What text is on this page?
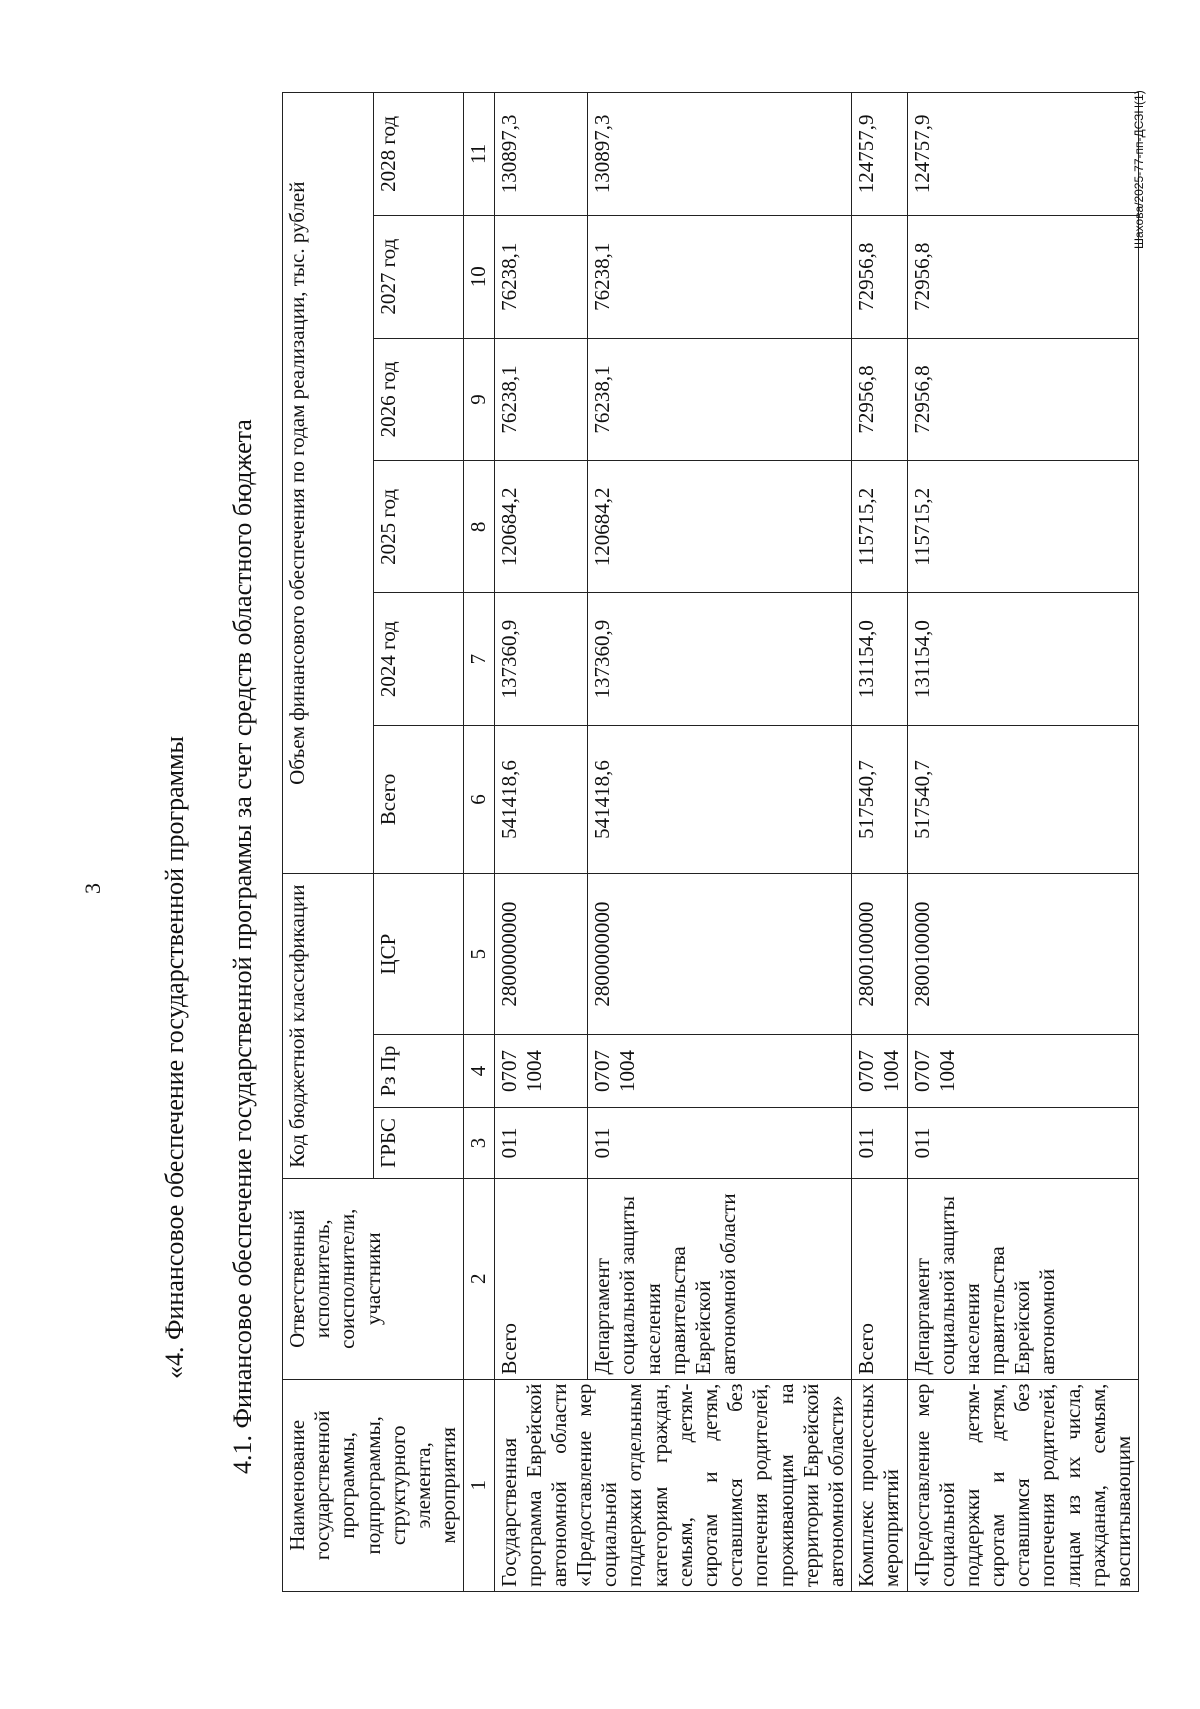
3 «4. Финансовое обеспечение государственной программы 4.1. Финансовое обеспечение государственной программы за счет средств областного бюджета
Наименование государственной программы, подпрограммы, структурного элемента, мероприятия	Ответственный исполнитель, соисполнители, участники	Код бюджетной классификации			Объем финансового обеспечения по годам реализации, тыс. рублей					
		ГРБС	Рз Пр	ЦСР	Всего	2024 год	2025 год	2026 год	2027 год	2028 год
1	2	3	4	5	6	7	8	9	10	11
Государственная программа Еврейской автономной области «Предоставление мер социальной поддержки отдельным категориям граждан, семьям, детям-сиротам и детям, оставшимся без попечения родителей, проживающим на территории Еврейской автономной области»	Всего	011	0707 1004	2800000000	541418,6	137360,9	120684,2	76238,1	76238,1	130897,3
	Департамент социальной защиты населения правительства Еврейской автономной области	011	0707 1004	2800000000	541418,6	137360,9	120684,2	76238,1	76238,1	130897,3
Комплекс процессных мероприятий	Всего	011	0707 1004	2800100000	517540,7	131154,0	115715,2	72956,8	72956,8	124757,9
«Предоставление мер социальной поддержки детям-сиротам и детям, оставшимся без попечения родителей, лицам из их числа, гражданам, семьям, воспитывающим	Департамент социальной защиты населения правительства Еврейской автономной	011	0707 1004	2800100000	517540,7	131154,0	115715,2	72956,8	72956,8	124757,9	Шахова/2025-77-пп-ДСЗН(1)
